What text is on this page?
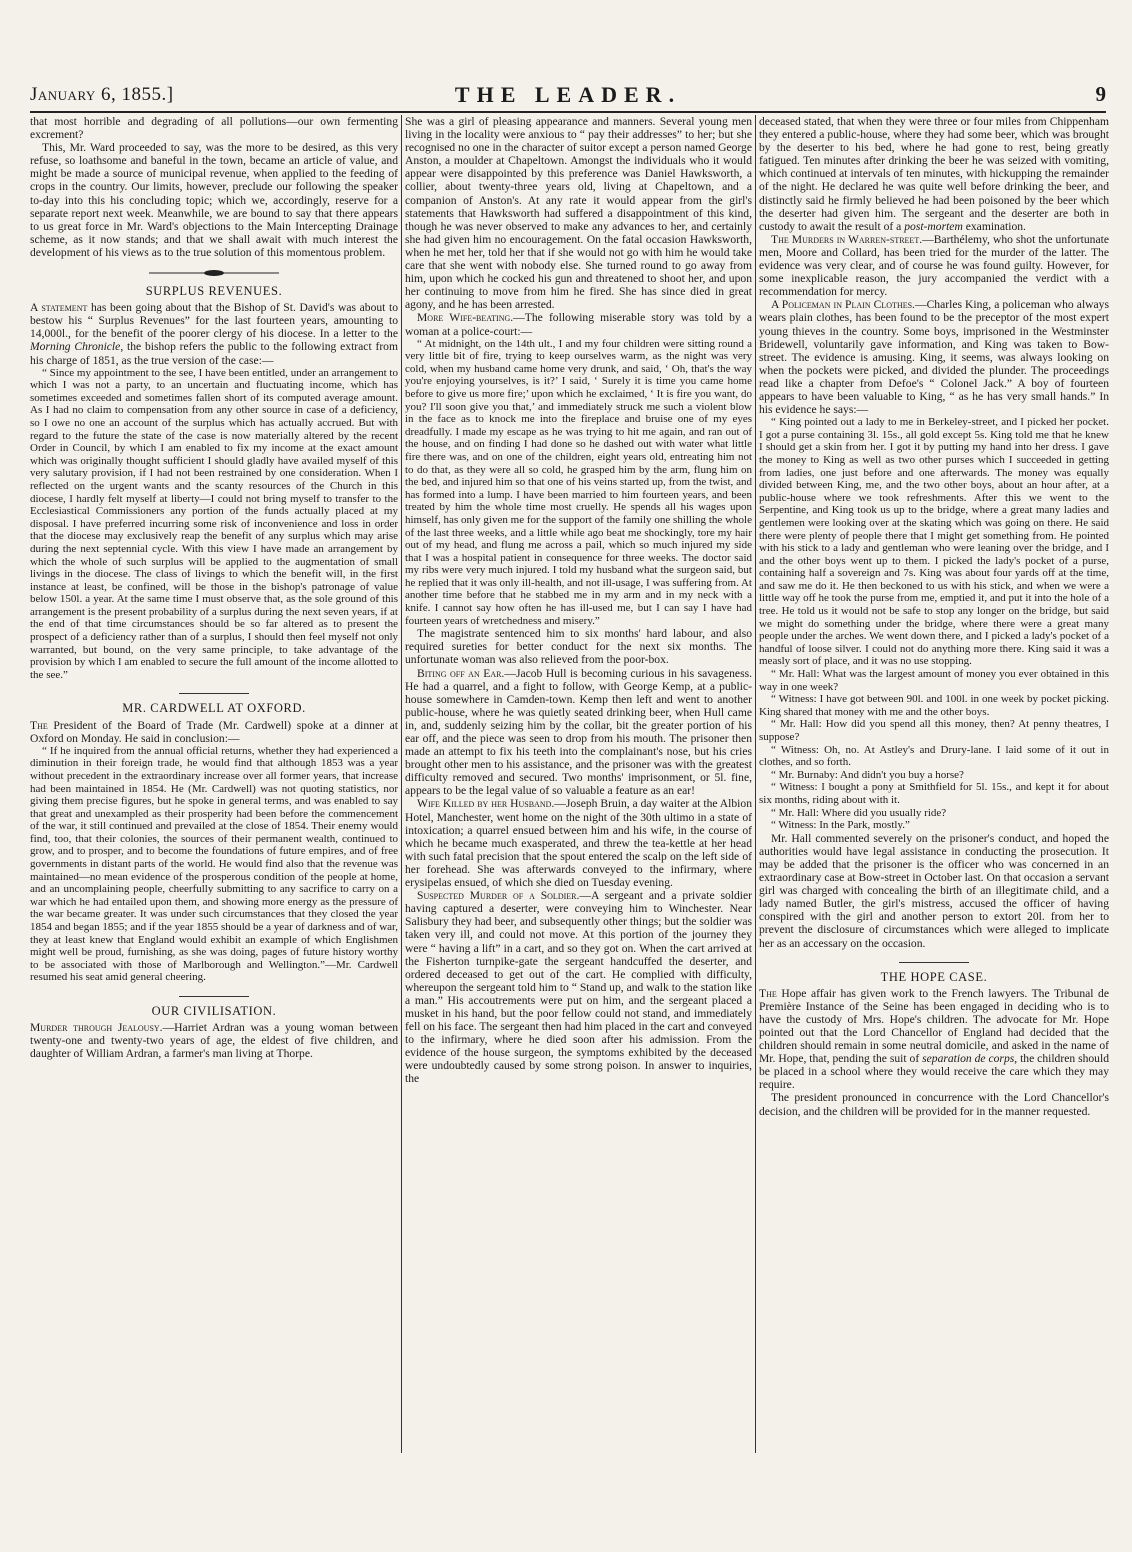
January 6, 1855.]	THE LEADER.	9

that most horrible and degrading of all pollutions—our own fermenting excrement?

This, Mr. Ward proceeded to say, was the more to be desired, as this very refuse, so loathsome and baneful in the town, became an article of value, and might be made a source of municipal revenue, when applied to the feeding of crops in the country. Our limits, however, preclude our following the speaker to-day into this his concluding topic; which we, accordingly, reserve for a separate report next week. Meanwhile, we are bound to say that there appears to us great force in Mr. Ward's objections to the Main Intercepting Drainage scheme, as it now stands; and that we shall await with much interest the development of his views as to the true solution of this momentous problem.

SURPLUS REVENUES.

A statement has been going about that the Bishop of St. David's was about to bestow his “ Surplus Revenues” for the last fourteen years, amounting to 14,000l., for the benefit of the poorer clergy of his diocese. In a letter to the Morning Chronicle, the bishop refers the public to the following extract from his charge of 1851, as the true version of the case:—

“ Since my appointment to the see, I have been entitled, under an arrangement to which I was not a party, to an uncertain and fluctuating income, which has sometimes exceeded and sometimes fallen short of its computed average amount. As I had no claim to compensation from any other source in case of a deficiency, so I owe no one an account of the surplus which has actually accrued. But with regard to the future the state of the case is now materially altered by the recent Order in Council, by which I am enabled to fix my income at the exact amount which was originally thought sufficient I should gladly have availed myself of this very salutary provision, if I had not been restrained by one consideration. When I reflected on the urgent wants and the scanty resources of the Church in this diocese, I hardly felt myself at liberty—I could not bring myself to transfer to the Ecclesiastical Commissioners any portion of the funds actually placed at my disposal. I have preferred incurring some risk of inconvenience and loss in order that the diocese may exclusively reap the benefit of any surplus which may arise during the next septennial cycle. With this view I have made an arrangement by which the whole of such surplus will be applied to the augmentation of small livings in the diocese. The class of livings to which the benefit will, in the first instance at least, be confined, will be those in the bishop's patronage of value below 150l. a year. At the same time I must observe that, as the sole ground of this arrangement is the present probability of a surplus during the next seven years, if at the end of that time circumstances should be so far altered as to present the prospect of a deficiency rather than of a surplus, I should then feel myself not only warranted, but bound, on the very same principle, to take advantage of the provision by which I am enabled to secure the full amount of the income allotted to the see.”

MR. CARDWELL AT OXFORD.

The President of the Board of Trade (Mr. Cardwell) spoke at a dinner at Oxford on Monday. He said in conclusion:—

“ If he inquired from the annual official returns, whether they had experienced a diminution in their foreign trade, he would find that although 1853 was a year without precedent in the extraordinary increase over all former years, that increase had been maintained in 1854. He (Mr. Cardwell) was not quoting statistics, nor giving them precise figures, but he spoke in general terms, and was enabled to say that great and unexampled as their prosperity had been before the commencement of the war, it still continued and prevailed at the close of 1854. Their enemy would find, too, that their colonies, the sources of their permanent wealth, continued to grow, and to prosper, and to become the foundations of future empires, and of free governments in distant parts of the world. He would find also that the revenue was maintained—no mean evidence of the prosperous condition of the people at home, and an uncomplaining people, cheerfully submitting to any sacrifice to carry on a war which he had entailed upon them, and showing more energy as the pressure of the war became greater. It was under such circumstances that they closed the year 1854 and began 1855; and if the year 1855 should be a year of darkness and of war, they at least knew that England would exhibit an example of which Englishmen might well be proud, furnishing, as she was doing, pages of future history worthy to be associated with those of Marlborough and Wellington.”—Mr. Cardwell resumed his seat amid general cheering.

OUR CIVILISATION.

Murder through Jealousy.—Harriet Ardran was a young woman between twenty-one and twenty-two years of age, the eldest of five children, and daughter of William Ardran, a farmer's man living at Thorpe.

She was a girl of pleasing appearance and manners. Several young men living in the locality were anxious to “ pay their addresses” to her; but she recognised no one in the character of suitor except a person named George Anston, a moulder at Chapeltown. Amongst the individuals who it would appear were disappointed by this preference was Daniel Hawksworth, a collier, about twenty-three years old, living at Chapeltown, and a companion of Anston's. At any rate it would appear from the girl's statements that Hawksworth had suffered a disappointment of this kind, though he was never observed to make any advances to her, and certainly she had given him no encouragement. On the fatal occasion Hawksworth, when he met her, told her that if she would not go with him he would take care that she went with nobody else. She turned round to go away from him, upon which he cocked his gun and threatened to shoot her, and upon her continuing to move from him he fired. She has since died in great agony, and he has been arrested.

More Wife-beating.—The following miserable story was told by a woman at a police-court:—

“ At midnight, on the 14th ult., I and my four children were sitting round a very little bit of fire, trying to keep ourselves warm, as the night was very cold, when my husband came home very drunk, and said, ‘ Oh, that's the way you're enjoying yourselves, is it?’ I said, ‘ Surely it is time you came home before to give us more fire;’ upon which he exclaimed, ‘ It is fire you want, do you? I'll soon give you that,’ and immediately struck me such a violent blow in the face as to knock me into the fireplace and bruise one of my eyes dreadfully. I made my escape as he was trying to hit me again, and ran out of the house, and on finding I had done so he dashed out with water what little fire there was, and on one of the children, eight years old, entreating him not to do that, as they were all so cold, he grasped him by the arm, flung him on the bed, and injured him so that one of his veins started up, from the twist, and has formed into a lump. I have been married to him fourteen years, and been treated by him the whole time most cruelly. He spends all his wages upon himself, has only given me for the support of the family one shilling the whole of the last three weeks, and a little while ago beat me shockingly, tore my hair out of my head, and flung me across a pail, which so much injured my side that I was a hospital patient in consequence for three weeks. The doctor said my ribs were very much injured. I told my husband what the surgeon said, but he replied that it was only ill-health, and not ill-usage, I was suffering from. At another time before that he stabbed me in my arm and in my neck with a knife. I cannot say how often he has ill-used me, but I can say I have had fourteen years of wretchedness and misery.”

The magistrate sentenced him to six months' hard labour, and also required sureties for better conduct for the next six months. The unfortunate woman was also relieved from the poor-box.

Biting off an Ear.—Jacob Hull is becoming curious in his savageness. He had a quarrel, and a fight to follow, with George Kemp, at a public-house somewhere in Camden-town. Kemp then left and went to another public-house, where he was quietly seated drinking beer, when Hull came in, and, suddenly seizing him by the collar, bit the greater portion of his ear off, and the piece was seen to drop from his mouth. The prisoner then made an attempt to fix his teeth into the complainant's nose, but his cries brought other men to his assistance, and the prisoner was with the greatest difficulty removed and secured. Two months' imprisonment, or 5l. fine, appears to be the legal value of so valuable a feature as an ear!

Wife Killed by her Husband.—Joseph Bruin, a day waiter at the Albion Hotel, Manchester, went home on the night of the 30th ultimo in a state of intoxication; a quarrel ensued between him and his wife, in the course of which he became much exasperated, and threw the tea-kettle at her head with such fatal precision that the spout entered the scalp on the left side of her forehead. She was afterwards conveyed to the infirmary, where erysipelas ensued, of which she died on Tuesday evening.

Suspected Murder of a Soldier.—A sergeant and a private soldier having captured a deserter, were conveying him to Winchester. Near Salisbury they had beer, and subsequently other things; but the soldier was taken very ill, and could not move. At this portion of the journey they were “ having a lift” in a cart, and so they got on. When the cart arrived at the Fisherton turnpike-gate the sergeant handcuffed the deserter, and ordered deceased to get out of the cart. He complied with difficulty, whereupon the sergeant told him to “ Stand up, and walk to the station like a man.” His accoutrements were put on him, and the sergeant placed a musket in his hand, but the poor fellow could not stand, and immediately fell on his face. The sergeant then had him placed in the cart and conveyed to the infirmary, where he died soon after his admission. From the evidence of the house surgeon, the symptoms exhibited by the deceased were undoubtedly caused by some strong poison. In answer to inquiries, the

deceased stated, that when they were three or four miles from Chippenham they entered a public-house, where they had some beer, which was brought by the deserter to his bed, where he had gone to rest, being greatly fatigued. Ten minutes after drinking the beer he was seized with vomiting, which continued at intervals of ten minutes, with hickupping the remainder of the night. He declared he was quite well before drinking the beer, and distinctly said he firmly believed he had been poisoned by the beer which the deserter had given him. The sergeant and the deserter are both in custody to await the result of a post-mortem examination.

The Murders in Warren-street.—Barthélemy, who shot the unfortunate men, Moore and Collard, has been tried for the murder of the latter. The evidence was very clear, and of course he was found guilty. However, for some inexplicable reason, the jury accompanied the verdict with a recommendation for mercy.

A Policeman in Plain Clothes.—Charles King, a policeman who always wears plain clothes, has been found to be the preceptor of the most expert young thieves in the country. Some boys, imprisoned in the Westminster Bridewell, voluntarily gave information, and King was taken to Bow-street. The evidence is amusing. King, it seems, was always looking on when the pockets were picked, and divided the plunder. The proceedings read like a chapter from Defoe's “ Colonel Jack.” A boy of fourteen appears to have been valuable to King, “ as he has very small hands.” In his evidence he says:—

“ King pointed out a lady to me in Berkeley-street, and I picked her pocket. I got a purse containing 3l. 15s., all gold except 5s. King told me that he knew I should get a skin from her. I got it by putting my hand into her dress. I gave the money to King as well as two other purses which I succeeded in getting from ladies, one just before and one afterwards. The money was equally divided between King, me, and the two other boys, about an hour after, at a public-house where we took refreshments. After this we went to the Serpentine, and King took us up to the bridge, where a great many ladies and gentlemen were looking over at the skating which was going on there. He said there were plenty of people there that I might get something from. He pointed with his stick to a lady and gentleman who were leaning over the bridge, and I and the other boys went up to them. I picked the lady's pocket of a purse, containing half a sovereign and 7s. King was about four yards off at the time, and saw me do it. He then beckoned to us with his stick, and when we were a little way off he took the purse from me, emptied it, and put it into the hole of a tree. He told us it would not be safe to stop any longer on the bridge, but said we might do something under the bridge, where there were a great many people under the arches. We went down there, and I picked a lady's pocket of a handful of loose silver. I could not do anything more there. King said it was a measly sort of place, and it was no use stopping.

“ Mr. Hall: What was the largest amount of money you ever obtained in this way in one week?

“ Witness: I have got between 90l. and 100l. in one week by pocket picking. King shared that money with me and the other boys.

“ Mr. Hall: How did you spend all this money, then? At penny theatres, I suppose?

“ Witness: Oh, no. At Astley's and Drury-lane. I laid some of it out in clothes, and so forth.

“ Mr. Burnaby: And didn't you buy a horse?

“ Witness: I bought a pony at Smithfield for 5l. 15s., and kept it for about six months, riding about with it.

“ Mr. Hall: Where did you usually ride?

“ Witness: In the Park, mostly.”

Mr. Hall commented severely on the prisoner's conduct, and hoped the authorities would have legal assistance in conducting the prosecution. It may be added that the prisoner is the officer who was concerned in an extraordinary case at Bow-street in October last. On that occasion a servant girl was charged with concealing the birth of an illegitimate child, and a lady named Butler, the girl's mistress, accused the officer of having conspired with the girl and another person to extort 20l. from her to prevent the disclosure of circumstances which were alleged to implicate her as an accessary on the occasion.

THE HOPE CASE.

The Hope affair has given work to the French lawyers. The Tribunal de Première Instance of the Seine has been engaged in deciding who is to have the custody of Mrs. Hope's children. The advocate for Mr. Hope pointed out that the Lord Chancellor of England had decided that the children should remain in some neutral domicile, and asked in the name of Mr. Hope, that, pending the suit of separation de corps, the children should be placed in a school where they would receive the care which they may require.

The president pronounced in concurrence with the Lord Chancellor's decision, and the children will be provided for in the manner requested.
